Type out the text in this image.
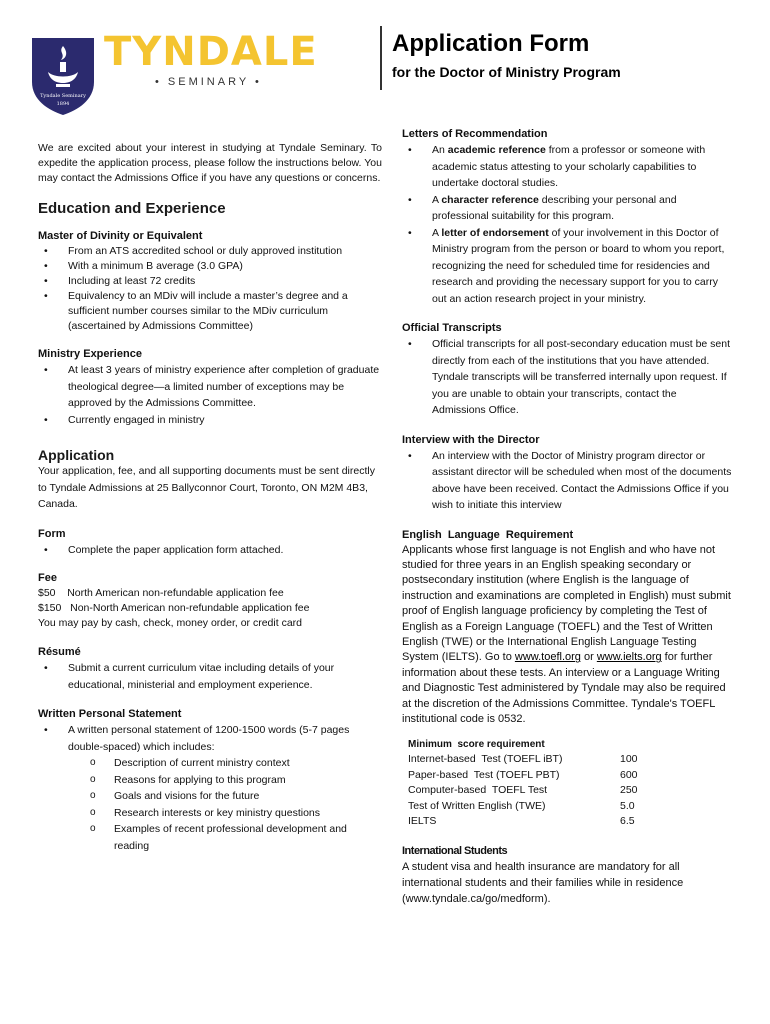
Tyndale Seminary
1894
TYNDALE
• SEMINARY •
Application Form
for the Doctor of Ministry Program
We are excited about your interest in studying at Tyndale Seminary. To expedite the application process, please follow the instructions below. You may contact the Admissions Office if you have any questions or concerns.
Education and Experience
Master of Divinity or Equivalent
• From an ATS accredited school or duly approved institution
• With a minimum B average (3.0 GPA)
• Including at least 72 credits
• Equivalency to an MDiv will include a master’s degree and a sufficient number courses similar to the MDiv curriculum (ascertained by Admissions Committee)
Ministry Experience
• At least 3 years of ministry experience after completion of graduate theological degree—a limited number of exceptions may be approved by the Admissions Committee.
• Currently engaged in ministry
Application
Your application, fee, and all supporting documents must be sent directly to Tyndale Admissions at 25 Ballyconnor Court, Toronto, ON M2M 4B3, Canada.
Form
• Complete the paper application form attached.
Fee
$50    North American non-refundable application fee
$150   Non-North American non-refundable application fee
You may pay by cash, check, money order, or credit card
Résumé
• Submit a current curriculum vitae including details of your educational, ministerial and employment experience.
Written Personal Statement
• A written personal statement of 1200-1500 words (5-7 pages double-spaced) which includes:
o Description of current ministry context
o Reasons for applying to this program
o Goals and visions for the future
o Research interests or key ministry questions
o Examples of recent professional development and reading
Letters of Recommendation
• An academic reference from a professor or someone with academic status attesting to your scholarly capabilities to undertake doctoral studies.
• A character reference describing your personal and professional suitability for this program.
• A letter of endorsement of your involvement in this Doctor of Ministry program from the person or board to whom you report, recognizing the need for scheduled time for residencies and research and providing the necessary support for you to carry out an action research project in your ministry.
Official Transcripts
• Official transcripts for all post-secondary education must be sent directly from each of the institutions that you have attended. Tyndale transcripts will be transferred internally upon request. If you are unable to obtain your transcripts, contact the Admissions Office.
Interview with the Director
• An interview with the Doctor of Ministry program director or assistant director will be scheduled when most of the documents above have been received. Contact the Admissions Office if you wish to initiate this interview
English  Language  Requirement
Applicants whose first language is not English and who have not studied for three years in an English speaking secondary or postsecondary institution (where English is the language of instruction and examinations are completed in English) must submit proof of English language proficiency by completing the Test of English as a Foreign Language (TOEFL) and the Test of Written English (TWE) or the International English Language Testing System (IELTS). Go to www.toefl.org or www.ielts.org for further information about these tests. An interview or a Language Writing and Diagnostic Test administered by Tyndale may also be required at the discretion of the Admissions Committee. Tyndale's TOEFL institutional code is 0532.
Minimum  score requirement
Internet-based  Test (TOEFL iBT)	100
Paper-based  Test (TOEFL PBT)	600
Computer-based  TOEFL Test	250
Test of Written English (TWE)	5.0
IELTS	6.5
International Students
A student visa and health insurance are mandatory for all international students and their families while in residence (www.tyndale.ca/go/medform).
